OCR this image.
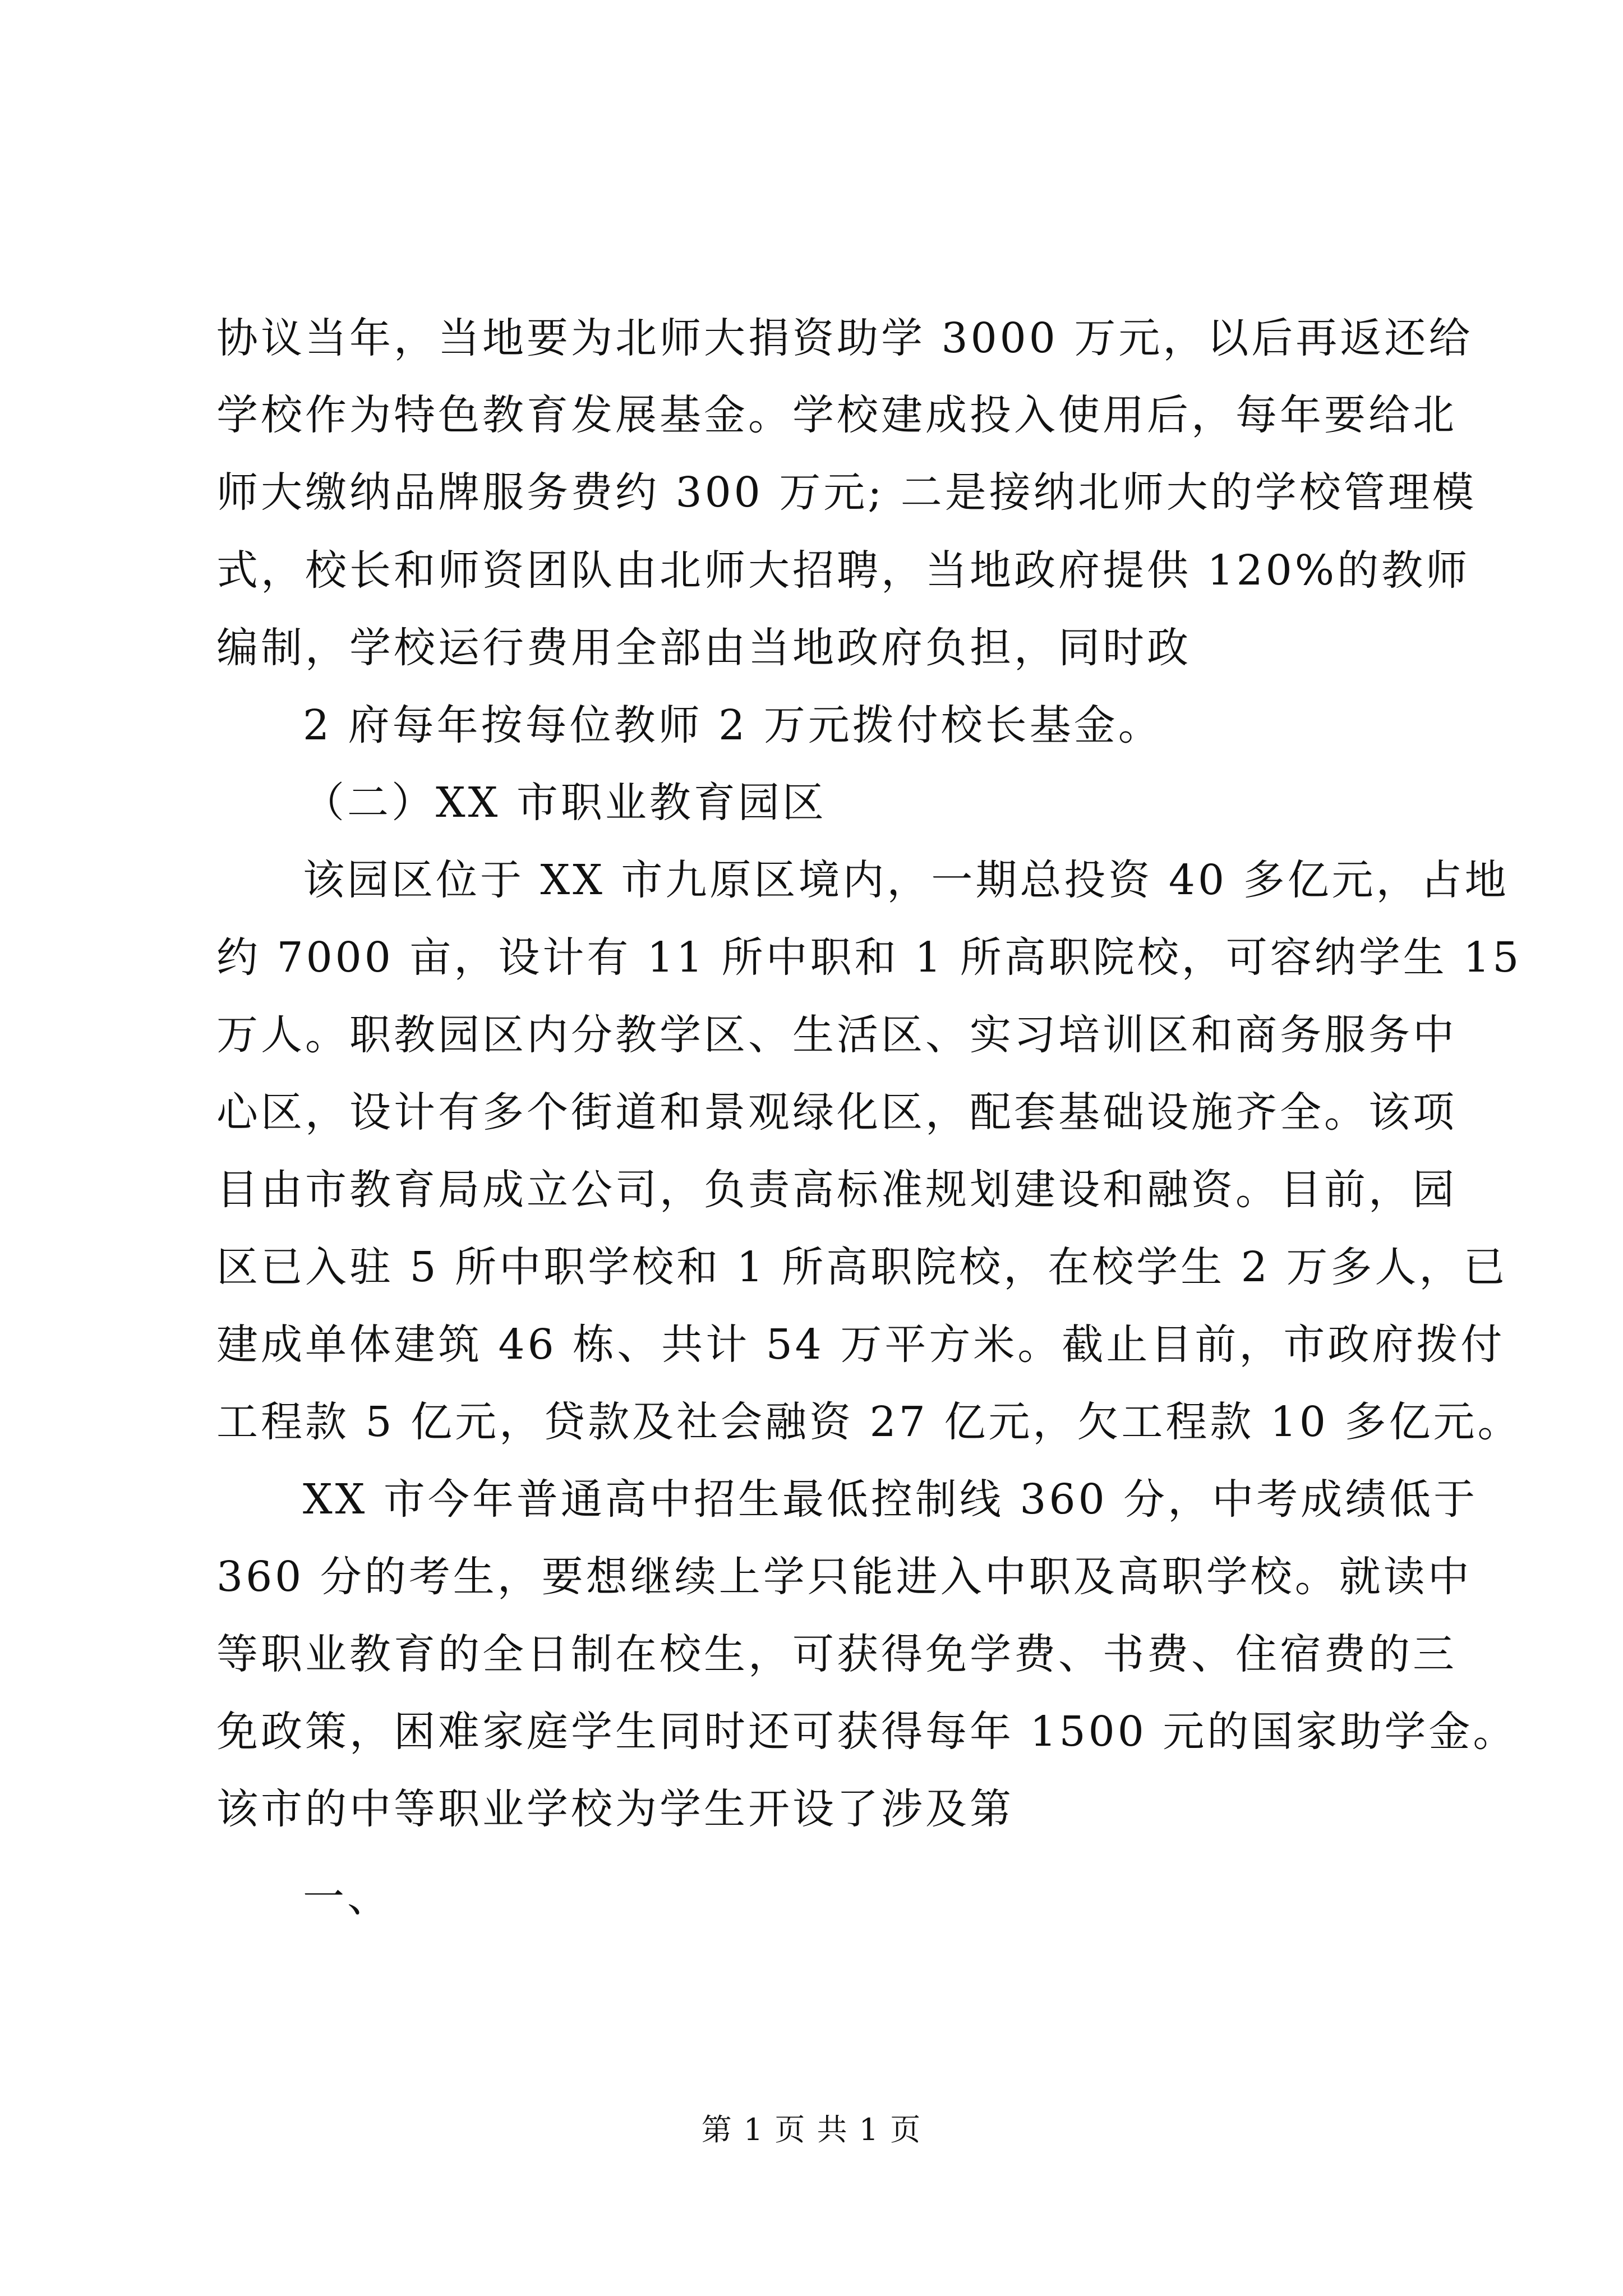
协议当年，当地要为北师大捐资助学 3000 万元，以后再返还给
学校作为特色教育发展基金。学校建成投入使用后，每年要给北
师大缴纳品牌服务费约 300 万元; 二是接纳北师大的学校管理模
式，校长和师资团队由北师大招聘，当地政府提供 120%的教师
编制，学校运行费用全部由当地政府负担，同时政
2 府每年按每位教师 2 万元拨付校长基金。
（二）XX 市职业教育园区
该园区位于 XX 市九原区境内，一期总投资 40 多亿元，占地
约 7000 亩，设计有 11 所中职和 1 所高职院校，可容纳学生 15
万人。职教园区内分教学区、生活区、实习培训区和商务服务中
心区，设计有多个街道和景观绿化区，配套基础设施齐全。该项
目由市教育局成立公司，负责高标准规划建设和融资。目前，园
区已入驻 5 所中职学校和 1 所高职院校，在校学生 2 万多人，已
建成单体建筑 46 栋、共计 54 万平方米。截止目前，市政府拨付
工程款 5 亿元，贷款及社会融资 27 亿元，欠工程款 10 多亿元。
XX 市今年普通高中招生最低控制线 360 分，中考成绩低于
360 分的考生，要想继续上学只能进入中职及高职学校。就读中
等职业教育的全日制在校生，可获得免学费、书费、住宿费的三
免政策，困难家庭学生同时还可获得每年 1500 元的国家助学金。
该市的中等职业学校为学生开设了涉及第
一、
第 1 页 共 1 页
